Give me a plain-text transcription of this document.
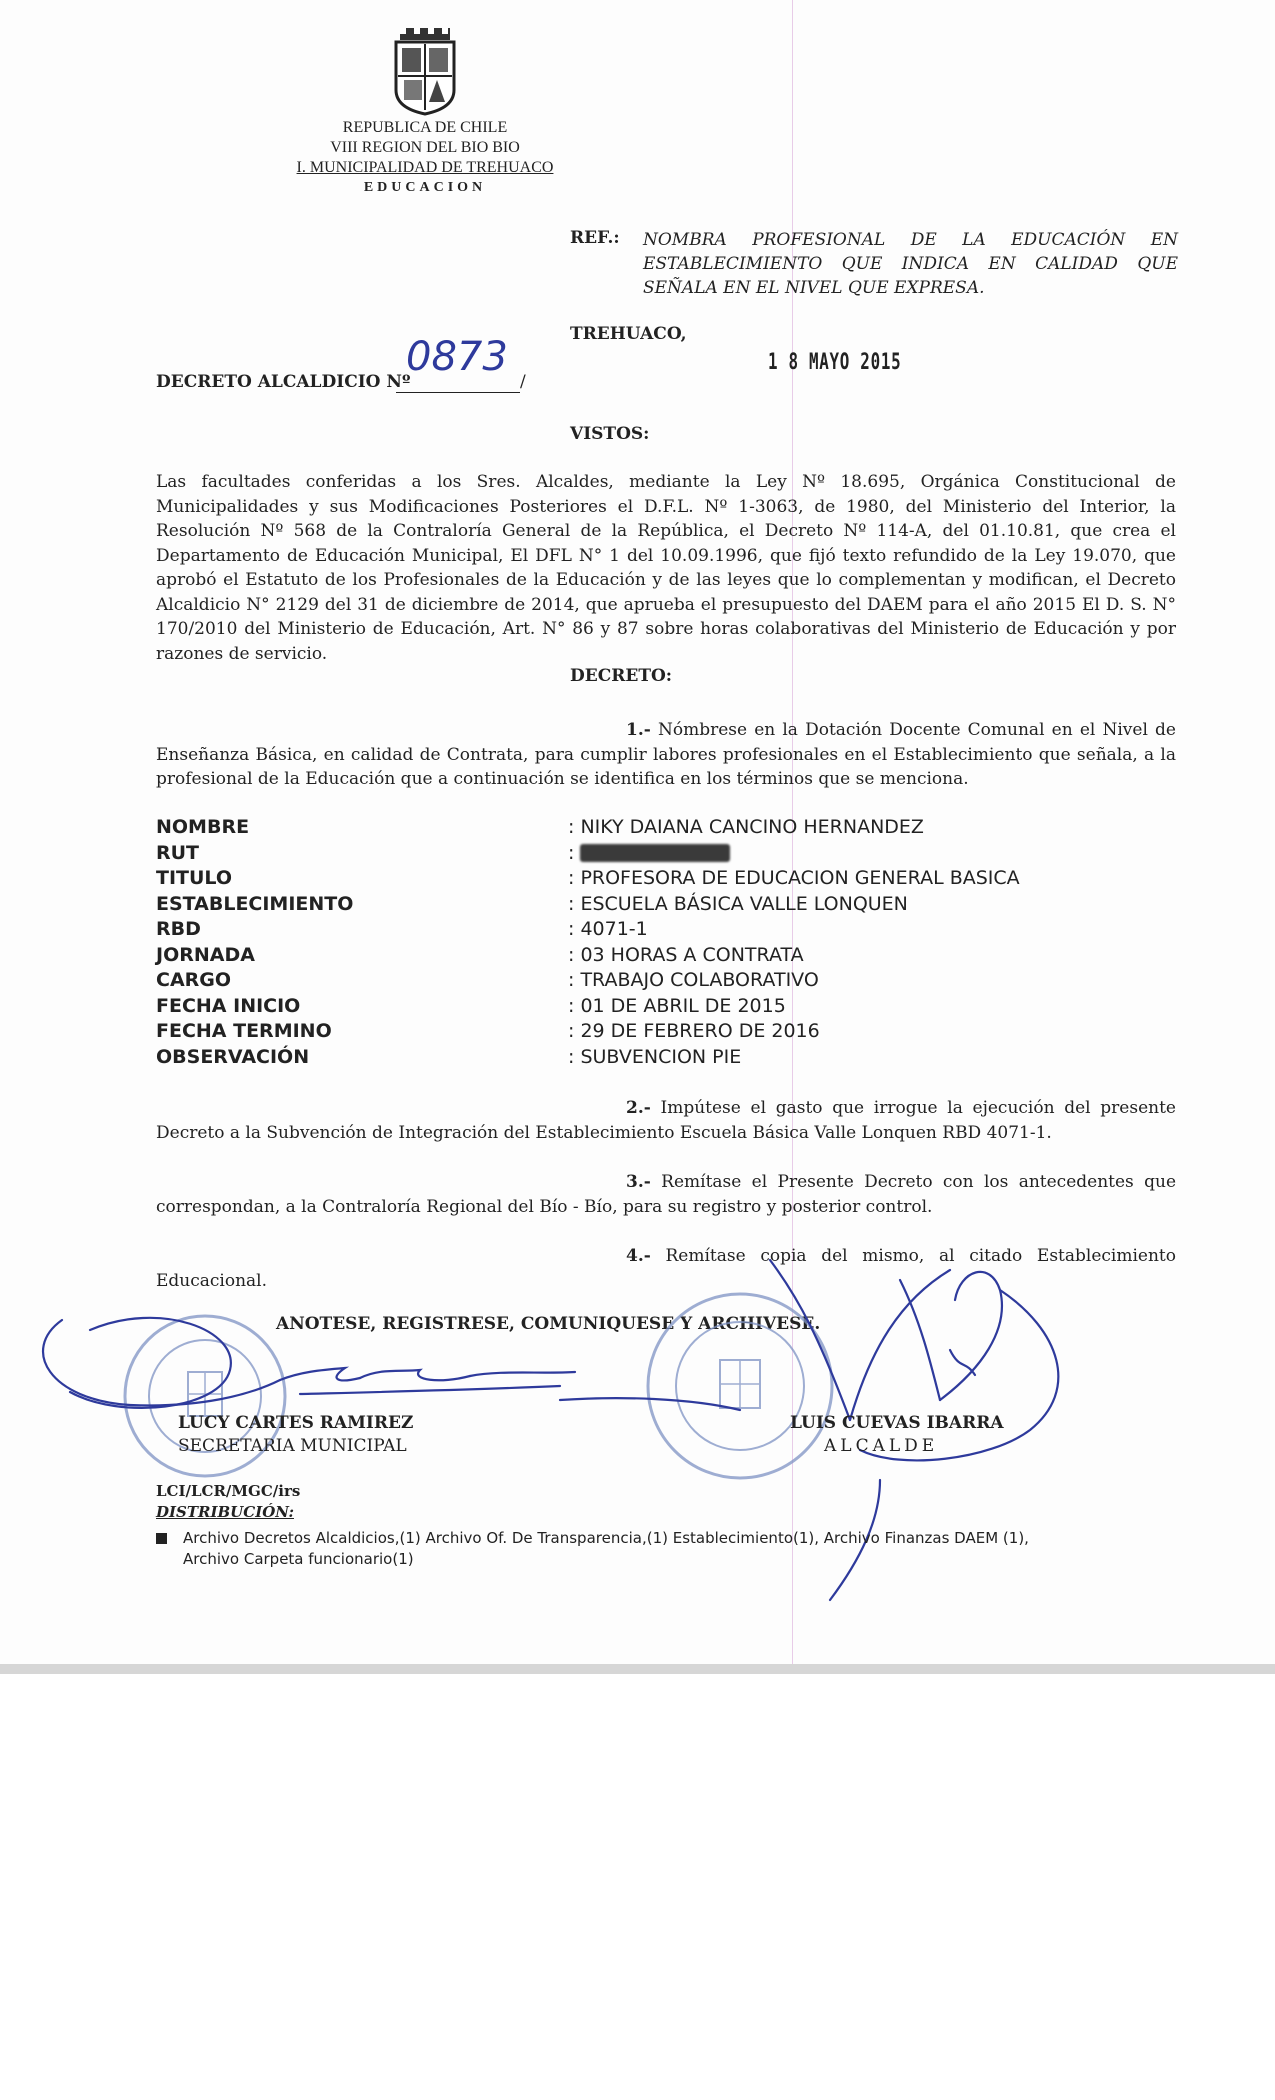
REPUBLICA DE CHILE
VIII REGION DEL BIO BIO
I. MUNICIPALIDAD DE TREHUACO
EDUCACION
REF.: NOMBRA PROFESIONAL DE LA EDUCACIÓN EN ESTABLECIMIENTO QUE INDICA EN CALIDAD QUE SEÑALA EN EL NIVEL QUE EXPRESA.
TREHUACO,
1 8 MAYO 2015
DECRETO ALCALDICIO Nº
0873
/
VISTOS:
Las facultades conferidas a los Sres. Alcaldes, mediante la Ley Nº 18.695, Orgánica Constitucional de Municipalidades y sus Modificaciones Posteriores el D.F.L. Nº 1-3063, de 1980, del Ministerio del Interior, la Resolución Nº 568 de la Contraloría General de la República, el Decreto Nº 114-A, del 01.10.81, que crea el Departamento de Educación Municipal, El DFL N° 1 del 10.09.1996, que fijó texto refundido de la Ley 19.070, que aprobó el Estatuto de los Profesionales de la Educación y de las leyes que lo complementan y modifican, el Decreto Alcaldicio N° 2129 del 31 de diciembre de 2014, que aprueba el presupuesto del DAEM para el año 2015 El D. S. N° 170/2010 del Ministerio de Educación, Art. N° 86 y 87 sobre horas colaborativas del Ministerio de Educación y por razones de servicio.
DECRETO:
1.- Nómbrese en la Dotación Docente Comunal en el Nivel de Enseñanza Básica, en calidad de Contrata, para cumplir labores profesionales en el Establecimiento que señala, a la profesional de la Educación que a continuación se identifica en los términos que se menciona.
NOMBRE	: NIKY DAIANA CANCINO HERNANDEZ
RUT	:
TITULO	: PROFESORA DE EDUCACION GENERAL BASICA
ESTABLECIMIENTO	: ESCUELA BÁSICA VALLE LONQUEN
RBD	: 4071-1
JORNADA	: 03 HORAS A CONTRATA
CARGO	: TRABAJO COLABORATIVO
FECHA INICIO	: 01 DE ABRIL DE 2015
FECHA TERMINO	: 29 DE FEBRERO DE 2016
OBSERVACIÓN	: SUBVENCION PIE
2.- Impútese el gasto que irrogue la ejecución del presente Decreto a la Subvención de Integración del Establecimiento Escuela Básica Valle Lonquen RBD 4071-1.
3.- Remítase el Presente Decreto con los antecedentes que correspondan, a la Contraloría Regional del Bío - Bío, para su registro y posterior control.
4.- Remítase copia del mismo, al citado Establecimiento Educacional.
ANOTESE, REGISTRESE, COMUNIQUESE Y ARCHIVESE.
LUCY CARTES RAMIREZ
SECRETARIA MUNICIPAL
LUIS CUEVAS IBARRA
ALCALDE
LCI/LCR/MGC/irs
DISTRIBUCIÓN:
Archivo Decretos Alcaldicios,(1) Archivo Of. De Transparencia,(1) Establecimiento(1), Archivo Finanzas DAEM (1),
Archivo Carpeta funcionario(1)
